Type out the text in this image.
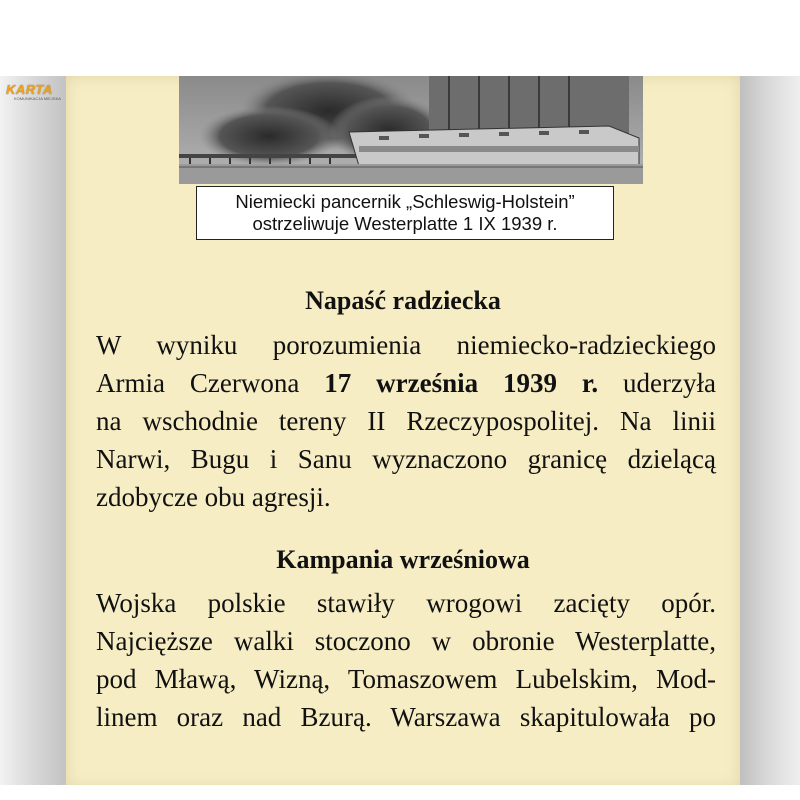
KARTA
KOMUNIKACJA MIEJSKA
Niemiecki pancernik „Schleswig-Holstein”
ostrzeliwuje Westerplatte 1 IX 1939 r.
Napaść radziecka
W wyniku porozumienia niemiecko-radzieckiego
Armia Czerwona 17 września 1939 r. uderzyła
na wschodnie tereny II Rzeczypospolitej. Na linii
Narwi, Bugu i Sanu wyznaczono granicę dzielącą
zdobycze obu agresji.
Kampania wrześniowa
Wojska polskie stawiły wrogowi zacięty opór.
Najcięższe walki stoczono w obronie Westerplatte,
pod Mławą, Wizną, Tomaszowem Lubelskim, Mod-
linem oraz nad Bzurą. Warszawa skapitulowała po
